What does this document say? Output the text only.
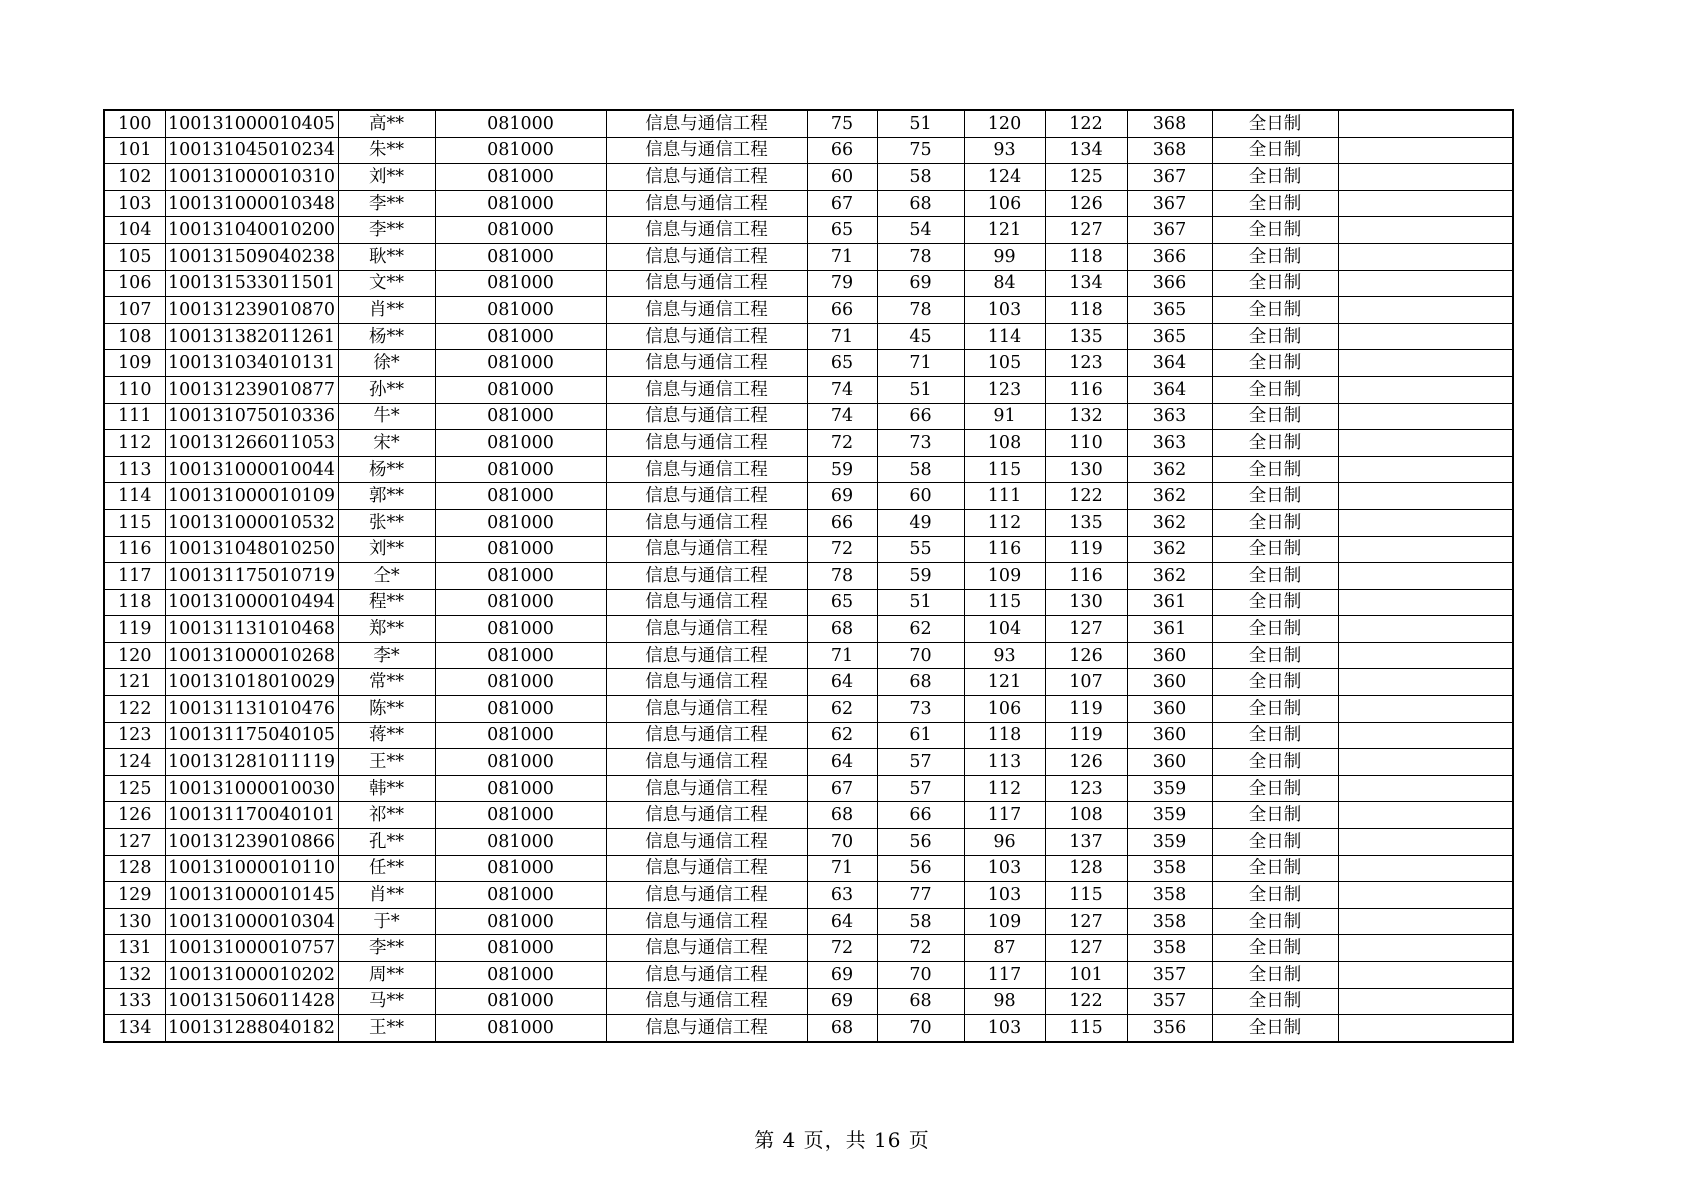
100	100131000010405	高**	081000	信息与通信工程	75	51	120	122	368	全日制	
101	100131045010234	朱**	081000	信息与通信工程	66	75	93	134	368	全日制	
102	100131000010310	刘**	081000	信息与通信工程	60	58	124	125	367	全日制	
103	100131000010348	李**	081000	信息与通信工程	67	68	106	126	367	全日制	
104	100131040010200	李**	081000	信息与通信工程	65	54	121	127	367	全日制	
105	100131509040238	耿**	081000	信息与通信工程	71	78	99	118	366	全日制	
106	100131533011501	文**	081000	信息与通信工程	79	69	84	134	366	全日制	
107	100131239010870	肖**	081000	信息与通信工程	66	78	103	118	365	全日制	
108	100131382011261	杨**	081000	信息与通信工程	71	45	114	135	365	全日制	
109	100131034010131	徐*	081000	信息与通信工程	65	71	105	123	364	全日制	
110	100131239010877	孙**	081000	信息与通信工程	74	51	123	116	364	全日制	
111	100131075010336	牛*	081000	信息与通信工程	74	66	91	132	363	全日制	
112	100131266011053	宋*	081000	信息与通信工程	72	73	108	110	363	全日制	
113	100131000010044	杨**	081000	信息与通信工程	59	58	115	130	362	全日制	
114	100131000010109	郭**	081000	信息与通信工程	69	60	111	122	362	全日制	
115	100131000010532	张**	081000	信息与通信工程	66	49	112	135	362	全日制	
116	100131048010250	刘**	081000	信息与通信工程	72	55	116	119	362	全日制	
117	100131175010719	仝*	081000	信息与通信工程	78	59	109	116	362	全日制	
118	100131000010494	程**	081000	信息与通信工程	65	51	115	130	361	全日制	
119	100131131010468	郑**	081000	信息与通信工程	68	62	104	127	361	全日制	
120	100131000010268	李*	081000	信息与通信工程	71	70	93	126	360	全日制	
121	100131018010029	常**	081000	信息与通信工程	64	68	121	107	360	全日制	
122	100131131010476	陈**	081000	信息与通信工程	62	73	106	119	360	全日制	
123	100131175040105	蒋**	081000	信息与通信工程	62	61	118	119	360	全日制	
124	100131281011119	王**	081000	信息与通信工程	64	57	113	126	360	全日制	
125	100131000010030	韩**	081000	信息与通信工程	67	57	112	123	359	全日制	
126	100131170040101	祁**	081000	信息与通信工程	68	66	117	108	359	全日制	
127	100131239010866	孔**	081000	信息与通信工程	70	56	96	137	359	全日制	
128	100131000010110	任**	081000	信息与通信工程	71	56	103	128	358	全日制	
129	100131000010145	肖**	081000	信息与通信工程	63	77	103	115	358	全日制	
130	100131000010304	于*	081000	信息与通信工程	64	58	109	127	358	全日制	
131	100131000010757	李**	081000	信息与通信工程	72	72	87	127	358	全日制	
132	100131000010202	周**	081000	信息与通信工程	69	70	117	101	357	全日制	
133	100131506011428	马**	081000	信息与通信工程	69	68	98	122	357	全日制	
134	100131288040182	王**	081000	信息与通信工程	68	70	103	115	356	全日制	
第 4 页，共 16 页
